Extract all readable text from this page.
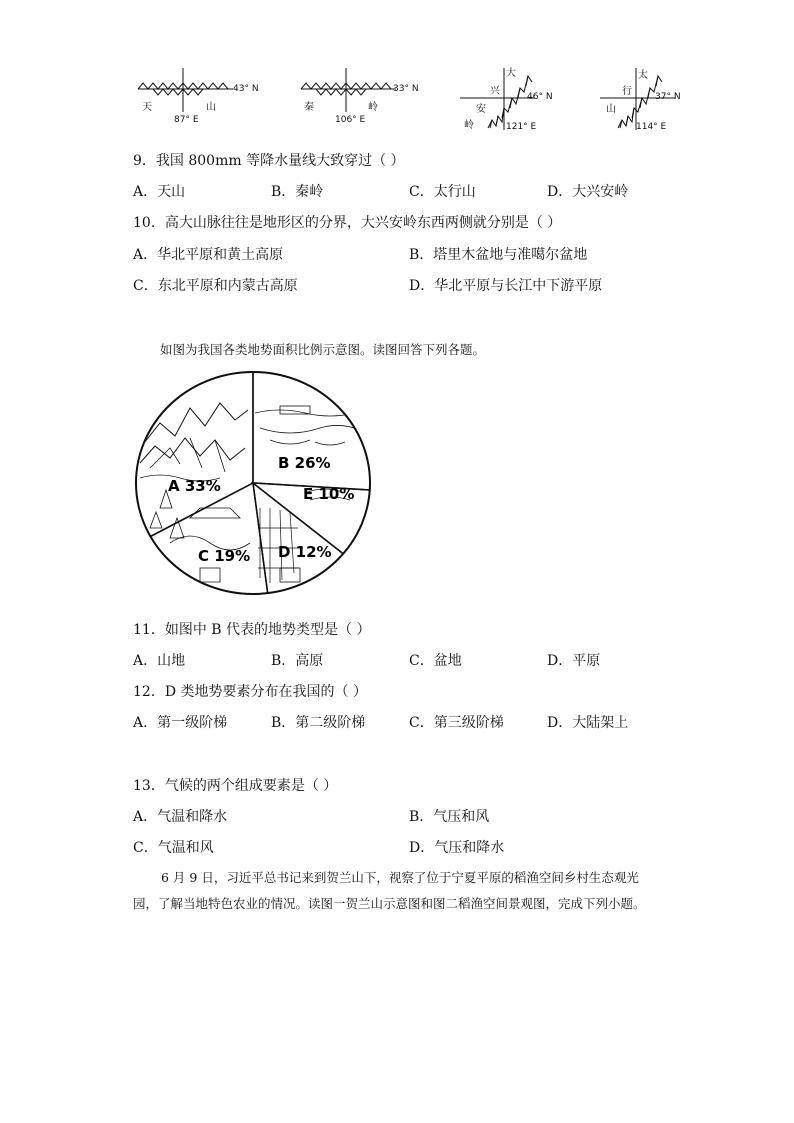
43° N
87° E
天	山
33° N
106° E
秦	岭
大
兴
安
岭
46° N
121° E
太
行
山
37° N
114° E
9．我国 800mm 等降水量线大致穿过（ ）
A．天山	B．秦岭	C．太行山	D．大兴安岭
10．高大山脉往往是地形区的分界，大兴安岭东西两侧就分别是（ ）
A．华北平原和黄土高原	B．塔里木盆地与准噶尔盆地
C．东北平原和内蒙古高原	D．华北平原与长江中下游平原
如图为我国各类地势面积比例示意图。读图回答下列各题。
A 33%
B 26%
E 10%
D 12%
C 19%
11．如图中 B 代表的地势类型是（ ）
A．山地	B．高原	C．盆地	D．平原
12．D 类地势要素分布在我国的（ ）
A．第一级阶梯	B．第二级阶梯	C．第三级阶梯	D．大陆架上
13．气候的两个组成要素是（ ）
A．气温和降水	B．气压和风
C．气温和风	D．气压和降水
6 月 9 日，习近平总书记来到贺兰山下，视察了位于宁夏平原的稻渔空间乡村生态观光园，了解当地特色农业的情况。读图一贺兰山示意图和图二稻渔空间景观图，完成下列小题。
